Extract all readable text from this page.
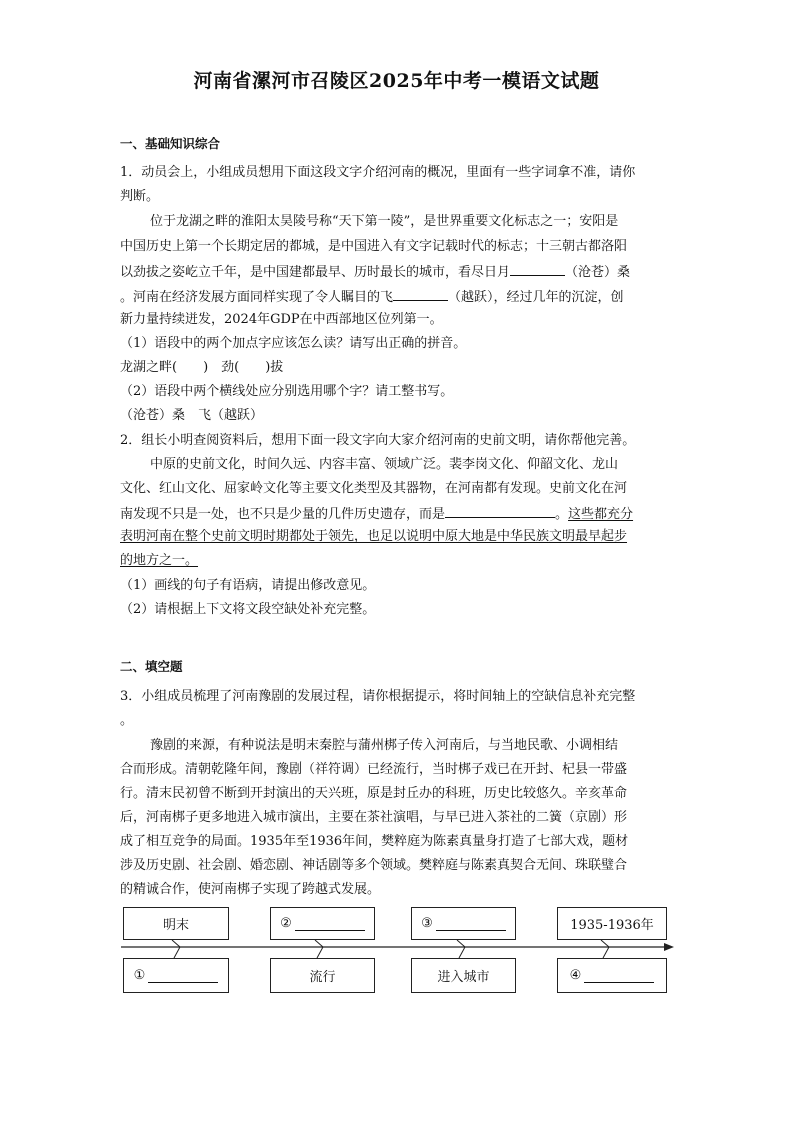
河南省漯河市召陵区2025年中考一模语文试题
一、基础知识综合
1．动员会上，小组成员想用下面这段文字介绍河南的概况，里面有一些字词拿不准，请你
判断。
位于龙湖之畔的淮阳太昊陵号称“天下第一陵”，是世界重要文化标志之一；安阳是
中国历史上第一个长期定居的都城，是中国进入有文字记载时代的标志；十三朝古都洛阳
以劲拔之姿屹立千年，是中国建都最早、历时最长的城市，看尽日月	（沧苍）桑
。河南在经济发展方面同样实现了令人瞩目的飞	（越跃），经过几年的沉淀，创
新力量持续迸发，2024年GDP在中西部地区位列第一。
（1）语段中的两个加点字应该怎么读？请写出正确的拼音。
龙湖之畔(　　)　劲(　　)拔
（2）语段中两个横线处应分别选用哪个字？请工整书写。
（沧苍）桑　飞（越跃）
2．组长小明查阅资料后，想用下面一段文字向大家介绍河南的史前文明，请你帮他完善。
中原的史前文化，时间久远、内容丰富、领域广泛。裴李岗文化、仰韶文化、龙山
文化、红山文化、屈家岭文化等主要文化类型及其器物，在河南都有发现。史前文化在河
南发现不只是一处，也不只是少量的几件历史遗存，而是	。这些都充分
表明河南在整个史前文明时期都处于领先，也足以说明中原大地是中华民族文明最早起步
的地方之一。
（1）画线的句子有语病，请提出修改意见。
（2）请根据上下文将文段空缺处补充完整。
二、填空题
3．小组成员梳理了河南豫剧的发展过程，请你根据提示，将时间轴上的空缺信息补充完整
。
豫剧的来源，有种说法是明末秦腔与蒲州梆子传入河南后，与当地民歌、小调相结
合而形成。清朝乾隆年间，豫剧（祥符调）已经流行，当时梆子戏已在开封、杞县一带盛
行。清末民初曾不断到开封演出的天兴班，原是封丘办的科班，历史比较悠久。辛亥革命
后，河南梆子更多地进入城市演出，主要在茶社演唱，与早已进入茶社的二簧（京剧）形
成了相互竞争的局面。1935年至1936年间，樊粹庭为陈素真量身打造了七部大戏，题材
涉及历史剧、社会剧、婚恋剧、神话剧等多个领域。樊粹庭与陈素真契合无间、珠联璧合
的精诚合作，使河南梆子实现了跨越式发展。
明末	②	③	1935-1936年
①	流行	进入城市	④
